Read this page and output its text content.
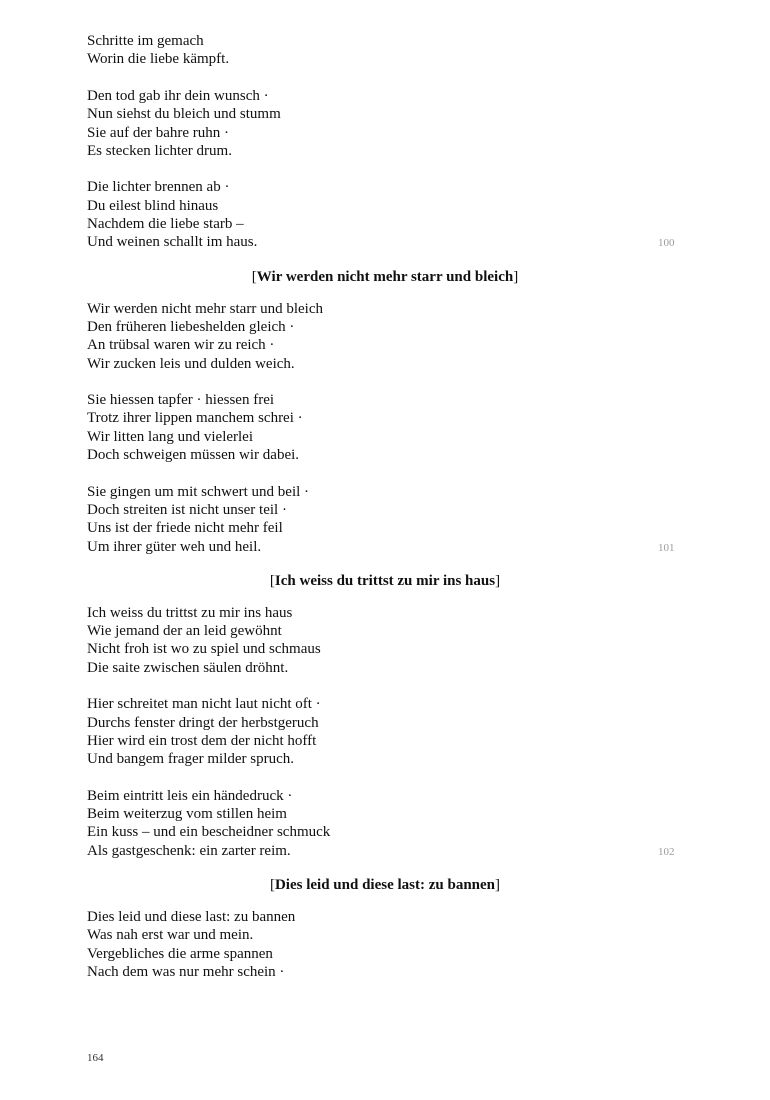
Schritte im gemach
Worin die liebe kämpft.
Den tod gab ihr dein wunsch ·
Nun siehst du bleich und stumm
Sie auf der bahre ruhn ·
Es stecken lichter drum.
Die lichter brennen ab ·
Du eilest blind hinaus
Nachdem die liebe starb –
Und weinen schallt im haus.	100
[Wir werden nicht mehr starr und bleich]
Wir werden nicht mehr starr und bleich
Den früheren liebeshelden gleich ·
An trübsal waren wir zu reich ·
Wir zucken leis und dulden weich.
Sie hiessen tapfer · hiessen frei
Trotz ihrer lippen manchem schrei ·
Wir litten lang und vielerlei
Doch schweigen müssen wir dabei.
Sie gingen um mit schwert und beil ·
Doch streiten ist nicht unser teil ·
Uns ist der friede nicht mehr feil
Um ihrer güter weh und heil.	101
[Ich weiss du trittst zu mir ins haus]
Ich weiss du trittst zu mir ins haus
Wie jemand der an leid gewöhnt
Nicht froh ist wo zu spiel und schmaus
Die saite zwischen säulen dröhnt.
Hier schreitet man nicht laut nicht oft ·
Durchs fenster dringt der herbstgeruch
Hier wird ein trost dem der nicht hofft
Und bangem frager milder spruch.
Beim eintritt leis ein händedruck ·
Beim weiterzug vom stillen heim
Ein kuss – und ein bescheidner schmuck
Als gastgeschenk: ein zarter reim.	102
[Dies leid und diese last: zu bannen]
Dies leid und diese last: zu bannen
Was nah erst war und mein.
Vergebliches die arme spannen
Nach dem was nur mehr schein ·
164
